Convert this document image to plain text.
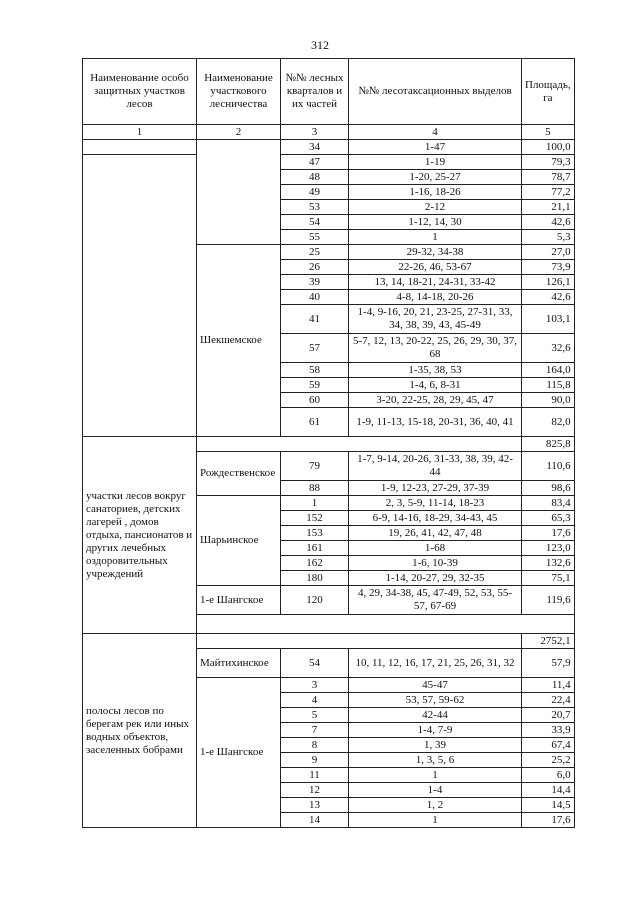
312
Наименование особо защитных участков лесов	Наименование участкового лесничества	№№ лесных кварталов и их частей	№№ лесотаксационных выделов	Площадь, га
1	2	3	4	5
		34	1-47	100,0
		47	1-19	79,3
		48	1-20, 25-27	78,7
		49	1-16, 18-26	77,2
		53	2-12	21,1
		54	1-12, 14, 30	42,6
		55	1	5,3
	Шекшемское	25	29-32, 34-38	27,0
		26	22-26, 46, 53-67	73,9
		39	13, 14, 18-21, 24-31, 33-42	126,1
		40	4-8, 14-18, 20-26	42,6
		41	1-4, 9-16, 20, 21, 23-25, 27-31, 33, 34, 38, 39, 43, 45-49	103,1
		57	5-7, 12, 13, 20-22, 25, 26, 29, 30, 37, 68	32,6
		58	1-35, 38, 53	164,0
		59	1-4, 6, 8-31	115,8
		60	3-20, 22-25, 28, 29, 45, 47	90,0
		61	1-9, 11-13, 15-18, 20-31, 36, 40, 41	82,0
участки лесов вокруг санаториев, детских лагерей , домов отдыха, пансионатов и других лечебных оздоровительных учреждений				825,8
	Рождественское	79	1-7, 9-14, 20-26, 31-33, 38, 39, 42-44	110,6
		88	1-9, 12-23, 27-29, 37-39	98,6
	Шарьинское	1	2, 3, 5-9, 11-14, 18-23	83,4
		152	6-9, 14-16, 18-29, 34-43, 45	65,3
		153	19, 26, 41, 42, 47, 48	17,6
		161	1-68	123,0
		162	1-6, 10-39	132,6
		180	1-14, 20-27, 29, 32-35	75,1
	1-е Шангское	120	4, 29, 34-38, 45, 47-49, 52, 53, 55-57, 67-69	119,6

полосы лесов по берегам рек или иных водных объектов, заселенных бобрами				2752,1
	Майтихинское	54	10, 11, 12, 16, 17, 21, 25, 26, 31, 32	57,9
	1-е Шангское	3	45-47	11,4
		4	53, 57, 59-62	22,4
		5	42-44	20,7
		7	1-4, 7-9	33,9
		8	1, 39	67,4
		9	1, 3, 5, 6	25,2
		11	1	6,0
		12	1-4	14,4
		13	1, 2	14,5
		14	1	17,6
